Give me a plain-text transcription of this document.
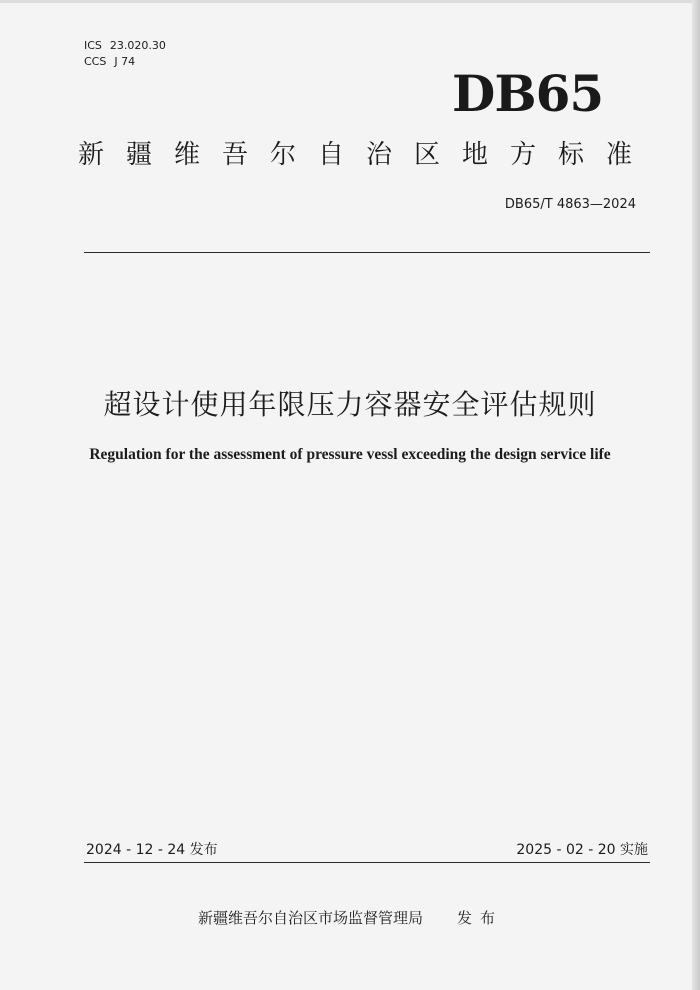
ICS 23.020.30
CCS J 74
DB65
新疆维吾尔自治区地方标准
DB65/T 4863—2024
超设计使用年限压力容器安全评估规则
Regulation for the assessment of pressure vessl exceeding the design service life
2024 - 12 - 24 发布	2025 - 02 - 20 实施
新疆维吾尔自治区市场监督管理局 发布
